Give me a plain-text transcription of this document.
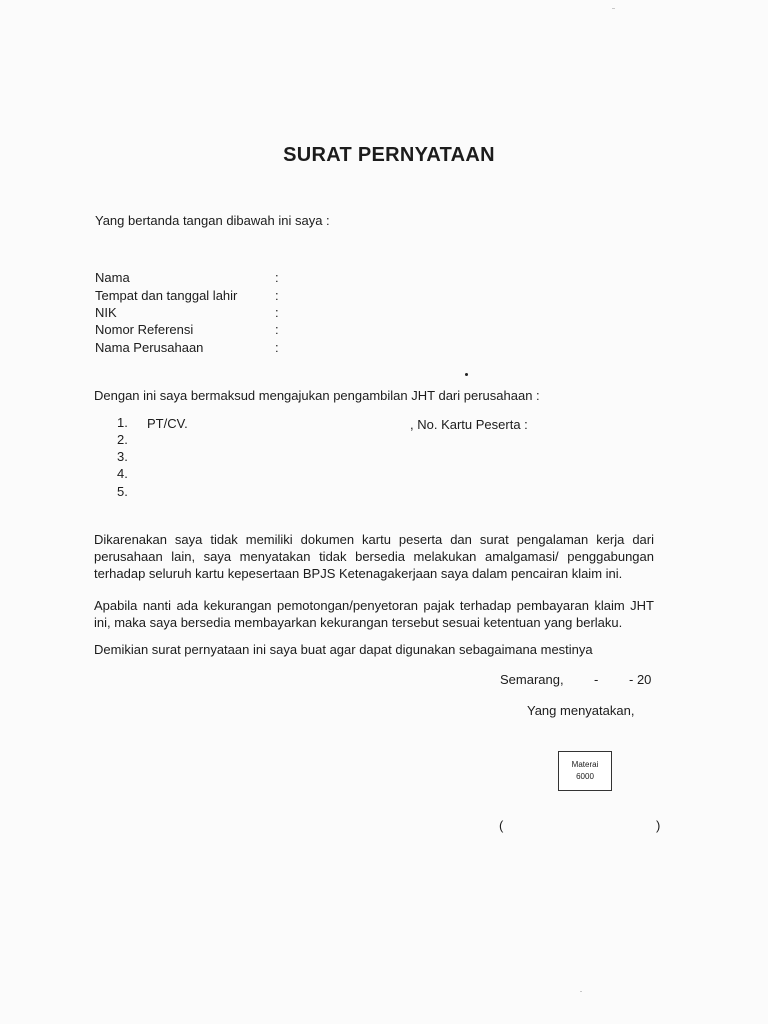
SURAT PERNYATAAN
Yang bertanda tangan dibawah ini saya :
Nama	:
Tempat dan tanggal lahir	:
NIK	:
Nomor Referensi	:
Nama Perusahaan	:
Dengan ini saya bermaksud mengajukan pengambilan JHT dari perusahaan :
1. PT/CV.	, No. Kartu Peserta :
2.
3.
4.
5.
Dikarenakan saya tidak memiliki dokumen kartu peserta dan surat pengalaman kerja dari perusahaan lain, saya menyatakan tidak bersedia melakukan amalgamasi/ penggabungan terhadap seluruh kartu kepesertaan BPJS Ketenagakerjaan saya dalam pencairan klaim ini.
Apabila nanti ada kekurangan pemotongan/penyetoran pajak terhadap pembayaran klaim JHT ini, maka saya bersedia membayarkan kekurangan tersebut sesuai ketentuan yang berlaku.
Demikian surat pernyataan ini saya buat agar dapat digunakan sebagaimana mestinya
Semarang, - - 20
Yang menyatakan,
Materai
6000
(	)
